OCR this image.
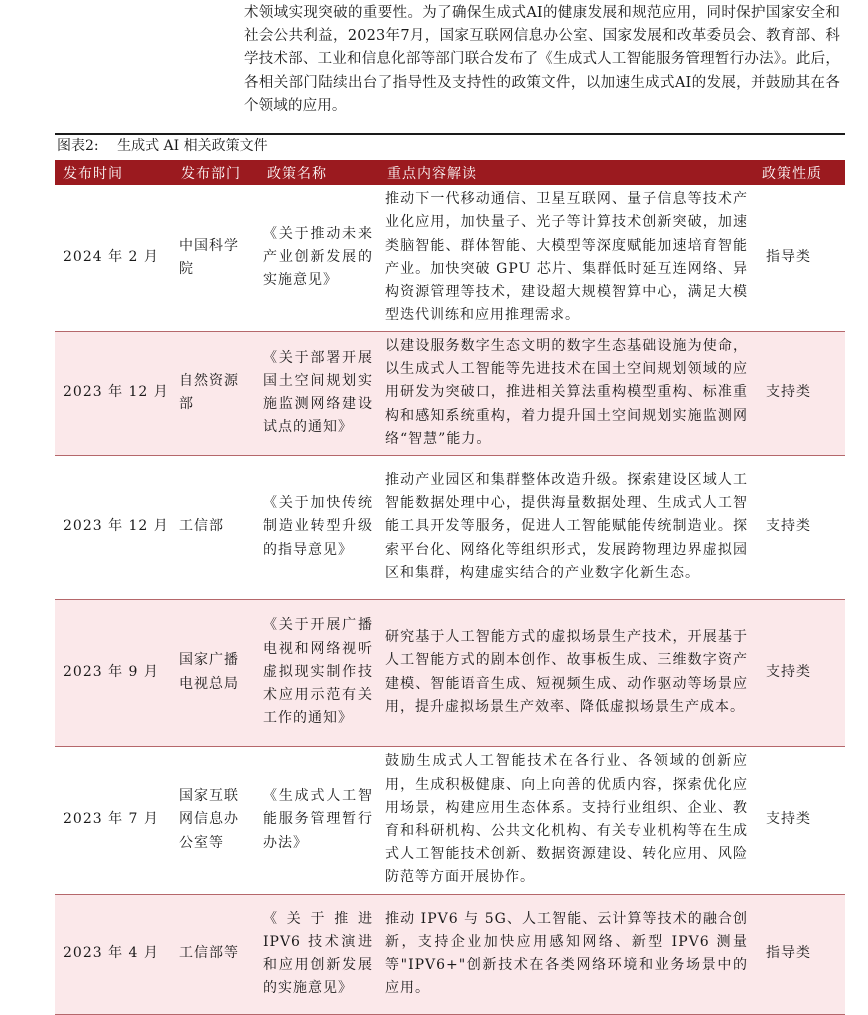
术领域实现突破的重要性。为了确保生成式AI的健康发展和规范应用，同时保护国家安全和社会公共利益，2023年7月，国家互联网信息办公室、国家发展和改革委员会、教育部、科学技术部、工业和信息化部等部门联合发布了《生成式人工智能服务管理暂行办法》。此后，各相关部门陆续出台了指导性及支持性的政策文件，以加速生成式AI的发展，并鼓励其在各个领域的应用。

图表2: 生成式 AI 相关政策文件
发布时间	发布部门	政策名称	重点内容解读	政策性质
2024 年 2 月	中国科学院	《关于推动未来产业创新发展的实施意见》	推动下一代移动通信、卫星互联网、量子信息等技术产业化应用，加快量子、光子等计算技术创新突破，加速类脑智能、群体智能、大模型等深度赋能加速培育智能产业。加快突破 GPU 芯片、集群低时延互连网络、异构资源管理等技术，建设超大规模智算中心，满足大模型迭代训练和应用推理需求。	指导类
2023 年 12 月	自然资源部	《关于部署开展国土空间规划实施监测网络建设试点的通知》	以建设服务数字生态文明的数字生态基础设施为使命，以生成式人工智能等先进技术在国土空间规划领域的应用研发为突破口，推进相关算法重构模型重构、标准重构和感知系统重构，着力提升国土空间规划实施监测网络“智慧”能力。	支持类
2023 年 12 月	工信部	《关于加快传统制造业转型升级的指导意见》	推动产业园区和集群整体改造升级。探索建设区域人工智能数据处理中心，提供海量数据处理、生成式人工智能工具开发等服务，促进人工智能赋能传统制造业。探索平台化、网络化等组织形式，发展跨物理边界虚拟园区和集群，构建虚实结合的产业数字化新生态。	支持类
2023 年 9 月	国家广播电视总局	《关于开展广播电视和网络视听虚拟现实制作技术应用示范有关工作的通知》	研究基于人工智能方式的虚拟场景生产技术，开展基于人工智能方式的剧本创作、故事板生成、三维数字资产建模、智能语音生成、短视频生成、动作驱动等场景应用，提升虚拟场景生产效率、降低虚拟场景生产成本。	支持类
2023 年 7 月	国家互联网信息办公室等	《生成式人工智能服务管理暂行办法》	鼓励生成式人工智能技术在各行业、各领域的创新应用，生成积极健康、向上向善的优质内容，探索优化应用场景，构建应用生态体系。支持行业组织、企业、教育和科研机构、公共文化机构、有关专业机构等在生成式人工智能技术创新、数据资源建设、转化应用、风险防范等方面开展协作。	支持类
2023 年 4 月	工信部等	《关于推进 IPV6 技术演进和应用创新发展的实施意见》	推动 IPV6 与 5G、人工智能、云计算等技术的融合创新，支持企业加快应用感知网络、新型 IPV6 测量等"IPV6+"创新技术在各类网络环境和业务场景中的应用。	指导类
